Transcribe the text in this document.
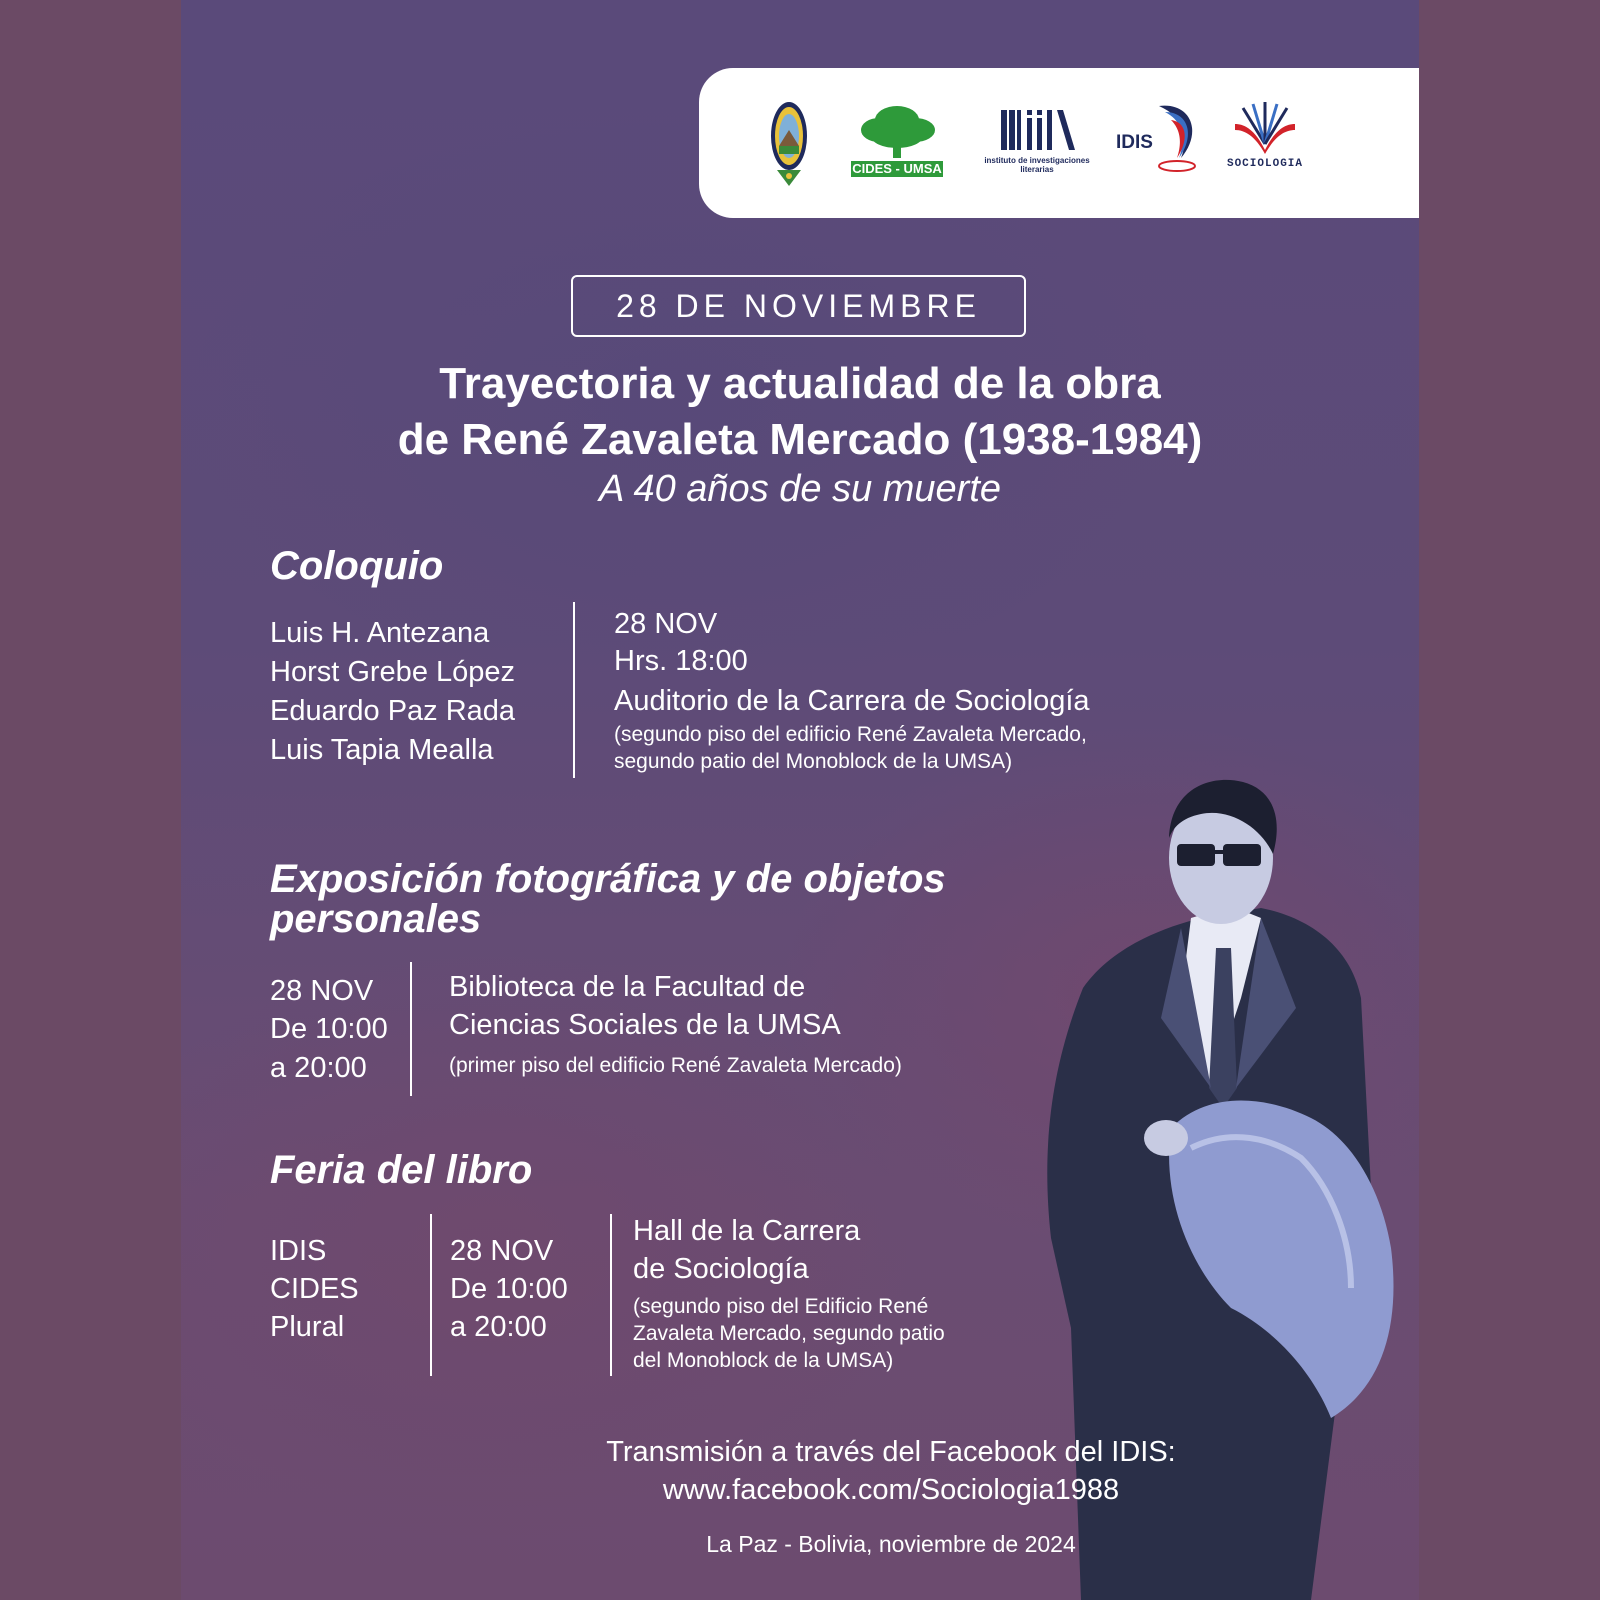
CIDES - UMSA
instituto de investigaciones literarias
IDIS
SOCIOLOGIA
28 DE NOVIEMBRE
Trayectoria y actualidad de la obra
de René Zavaleta Mercado (1938-1984)
A 40 años de su muerte
Coloquio
Luis H. Antezana
Horst Grebe López
Eduardo Paz Rada
Luis Tapia Mealla
28 NOV
Hrs. 18:00
Auditorio de la Carrera de Sociología
(segundo piso del edificio René Zavaleta Mercado,
segundo patio del Monoblock de la UMSA)
Exposición fotográfica y de objetos
personales
28 NOV
De 10:00
a 20:00
Biblioteca de la Facultad de
Ciencias Sociales de la UMSA
(primer piso del edificio René Zavaleta Mercado)
Feria del libro
IDIS
CIDES
Plural
28 NOV
De 10:00
a 20:00
Hall de la Carrera
de Sociología
(segundo piso del Edificio René
Zavaleta Mercado, segundo patio
del Monoblock de la UMSA)
Transmisión a través del Facebook del IDIS:
www.facebook.com/Sociologia1988
La Paz - Bolivia, noviembre de 2024
